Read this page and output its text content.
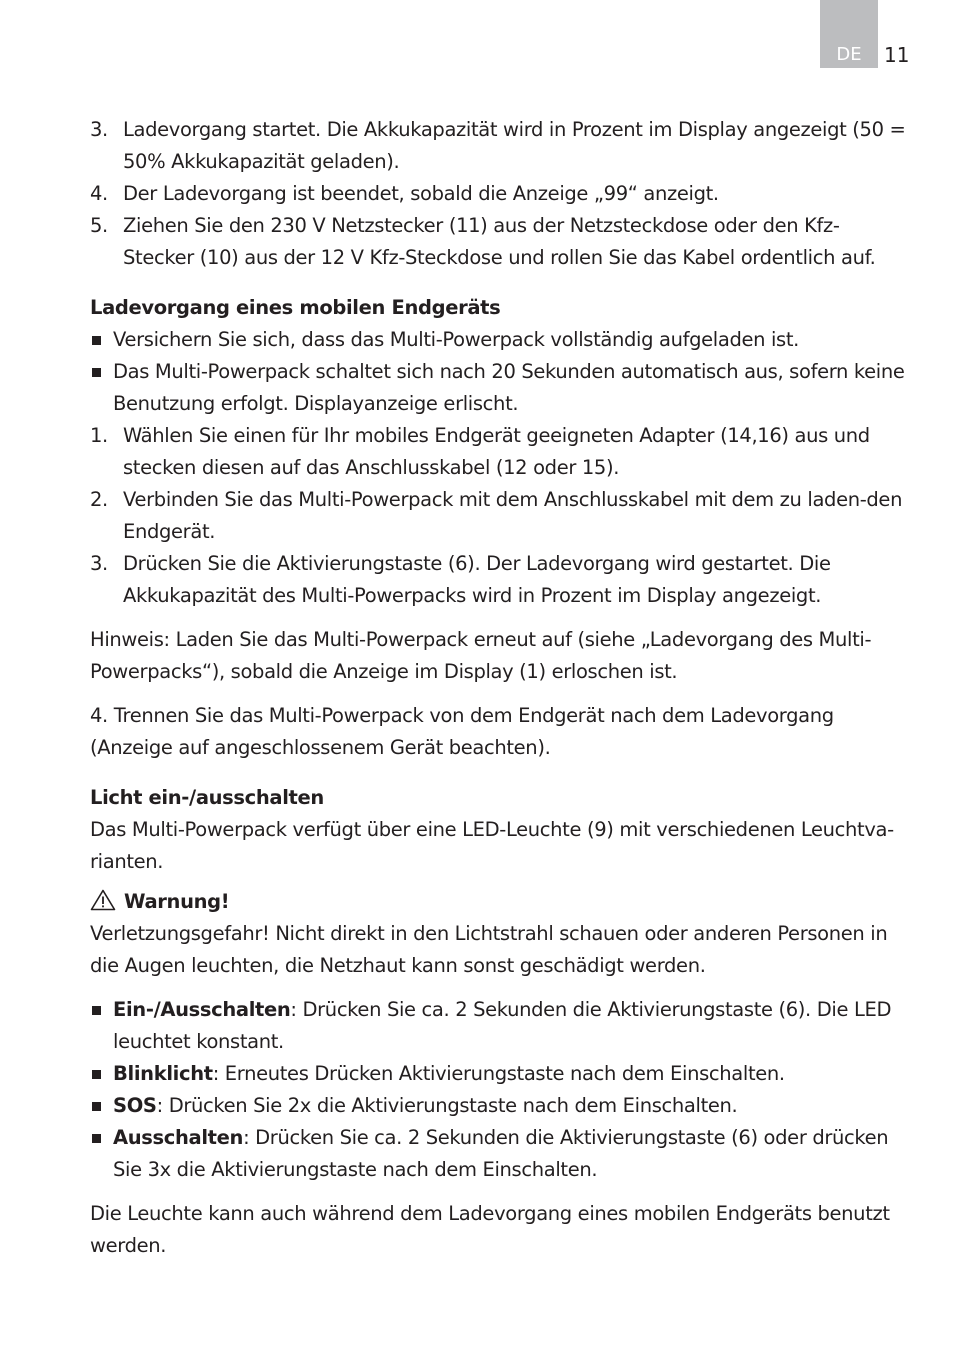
DE	11
3. Ladevorgang startet. Die Akkukapazität wird in Prozent im Display angezeigt (50 = 50% Akkukapazität geladen).
4. Der Ladevorgang ist beendet, sobald die Anzeige „99“ anzeigt.
5. Ziehen Sie den 230 V Netzstecker (11) aus der Netzsteckdose oder den Kfz-Stecker (10) aus der 12 V Kfz-Steckdose und rollen Sie das Kabel ordentlich auf.
Ladevorgang eines mobilen Endgeräts
Versichern Sie sich, dass das Multi-Powerpack vollständig aufgeladen ist.
Das Multi-Powerpack schaltet sich nach 20 Sekunden automatisch aus, sofern keine Benutzung erfolgt. Displayanzeige erlischt.
1. Wählen Sie einen für Ihr mobiles Endgerät geeigneten Adapter (14,16) aus und stecken diesen auf das Anschlusskabel (12 oder 15).
2. Verbinden Sie das Multi-Powerpack mit dem Anschlusskabel mit dem zu laden-den Endgerät.
3. Drücken Sie die Aktivierungstaste (6). Der Ladevorgang wird gestartet. Die Akkukapazität des Multi-Powerpacks wird in Prozent im Display angezeigt.

Hinweis: Laden Sie das Multi-Powerpack erneut auf (siehe „Ladevorgang des Multi-Powerpacks“), sobald die Anzeige im Display (1) erloschen ist.

4. Trennen Sie das Multi-Powerpack von dem Endgerät nach dem Ladevorgang (Anzeige auf angeschlossenem Gerät beachten).

Licht ein-/ausschalten

Das Multi-Powerpack verfügt über eine LED-Leuchte (9) mit verschiedenen Leuchtva-rianten.

Warnung!

Verletzungsgefahr! Nicht direkt in den Lichtstrahl schauen oder anderen Personen in die Augen leuchten, die Netzhaut kann sonst geschädigt werden.

Ein-/Ausschalten: Drücken Sie ca. 2 Sekunden die Aktivierungstaste (6). Die LED leuchtet konstant.
Blinklicht: Erneutes Drücken Aktivierungstaste nach dem Einschalten.
SOS: Drücken Sie 2x die Aktivierungstaste nach dem Einschalten.
Ausschalten: Drücken Sie ca. 2 Sekunden die Aktivierungstaste (6) oder drücken Sie 3x die Aktivierungstaste nach dem Einschalten.

Die Leuchte kann auch während dem Ladevorgang eines mobilen Endgeräts benutzt werden.
